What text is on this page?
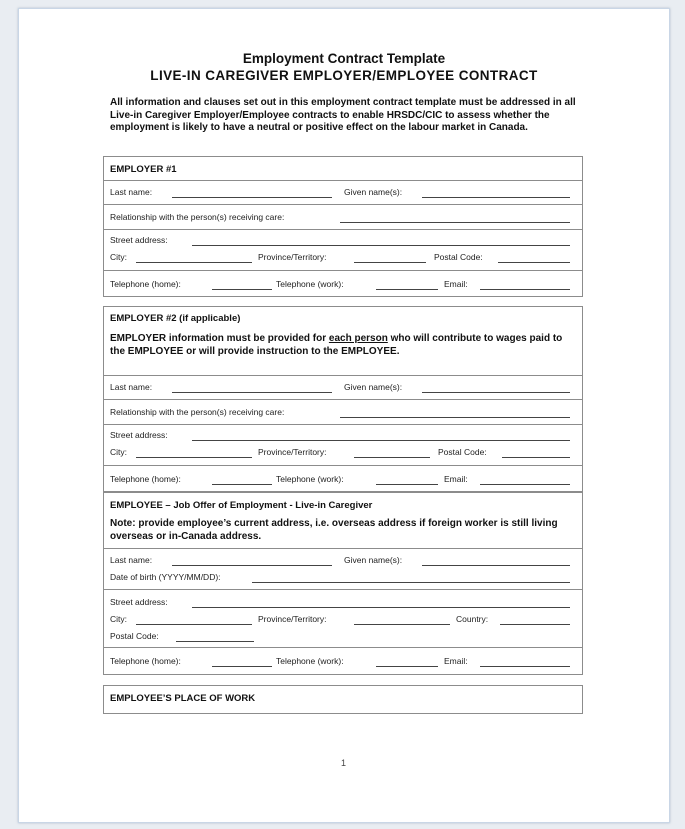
Employment Contract Template
LIVE-IN CAREGIVER EMPLOYER/EMPLOYEE CONTRACT
All information and clauses set out in this employment contract template must be addressed in all Live-in Caregiver Employer/Employee contracts to enable HRSDC/CIC to assess whether the employment is likely to have a neutral or positive effect on the labour market in Canada.
EMPLOYER #1
Last name:	Given name(s):
Relationship with the person(s) receiving care:
Street address:
City:	Province/Territory:	Postal Code:
Telephone (home):	Telephone (work):	Email:
EMPLOYER #2 (if applicable)
EMPLOYER information must be provided for each person who will contribute to wages paid to the EMPLOYEE or will provide instruction to the EMPLOYEE.
Last name:	Given name(s):
Relationship with the person(s) receiving care:
Street address:
City:	Province/Territory:	Postal Code:
Telephone (home):	Telephone (work):	Email:
EMPLOYEE – Job Offer of Employment - Live-in Caregiver
Note: provide employee’s current address, i.e. overseas address if foreign worker is still living overseas or in-Canada address.
Last name:	Given name(s):
Date of birth (YYYY/MM/DD):
Street address:
City:	Province/Territory:	Country:
Postal Code:
Telephone (home):	Telephone (work):	Email:
EMPLOYEE’S PLACE OF WORK
1
